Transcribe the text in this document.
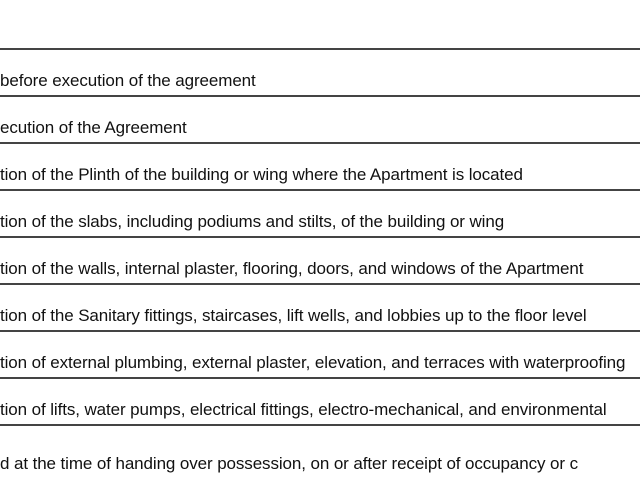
before execution of the agreement
ecution of the Agreement
tion of the Plinth of the building or wing where the Apartment is located
tion of the slabs, including podiums and stilts, of the building or wing
tion of the walls, internal plaster, flooring, doors, and windows of the Apartment
tion of the Sanitary fittings, staircases, lift wells, and lobbies up to the floor level
tion of external plumbing, external plaster, elevation, and terraces with waterproofing
tion of lifts, water pumps, electrical fittings, electro-mechanical, and environmental
d at the time of handing over possession, on or after receipt of occupancy or c
